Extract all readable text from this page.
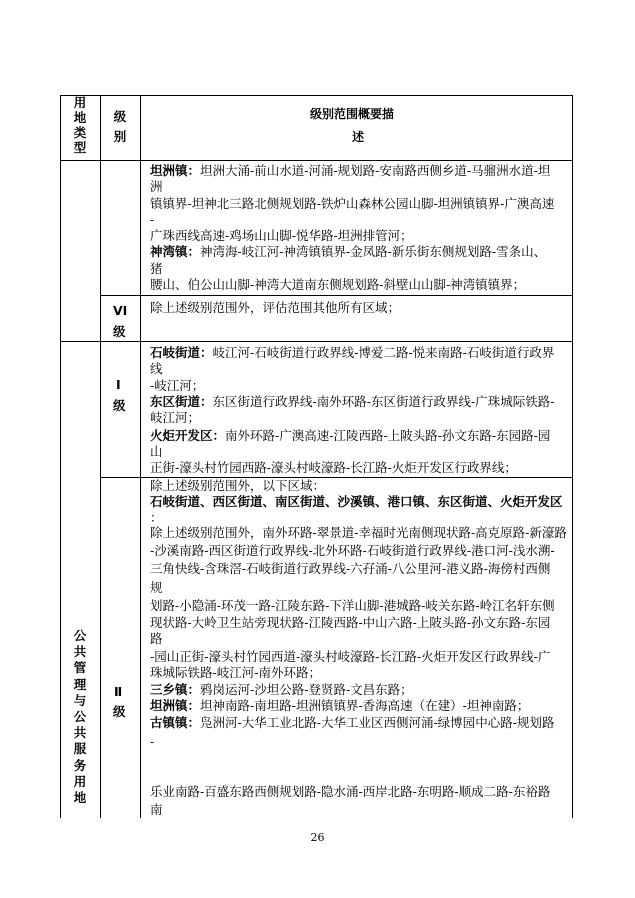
用
地
类
型
级
别
级别范围概要描
述
坦洲镇：坦洲大涌-前山水道-河涌-规划路-安南路西侧乡道-马骝洲水道-坦
洲
镇镇界-坦神北三路北侧规划路-铁炉山森林公园山脚-坦洲镇镇界-广澳高速
-
广珠西线高速-鸡场山山脚-悦华路-坦洲排管河；
神湾镇：神湾海-岐江河-神湾镇镇界-金凤路-新乐街东侧规划路-雪条山、
猪
腰山、伯公山山脚-神湾大道南东侧规划路-斜壁山山脚-神湾镇镇界；
VI
级
除上述级别范围外，评估范围其他所有区域；
公
共
管
理
与
公
共
服
务
用
地
I
级
石岐街道：岐江河-石岐街道行政界线-博爱二路-悦来南路-石岐街道行政界
线
-岐江河；
东区街道：东区街道行政界线-南外环路-东区街道行政界线-广珠城际铁路-
岐江河；
火炬开发区：南外环路-广澳高速-江陵西路-上陂头路-孙文东路-东园路-园
山
正街-濠头村竹园西路-濠头村岐濠路-长江路-火炬开发区行政界线；
Ⅱ
级
除上述级别范围外，以下区域：
石岐街道、西区街道、南区街道、沙溪镇、港口镇、东区街道、火炬开发区
：
除上述级别范围外，南外环路-翠景道-幸福时光南侧现状路-高克原路-新濠路
-沙溪南路-西区街道行政界线-北外环路-石岐街道行政界线-港口河-浅水溯-
三角快线-含珠滘-石岐街道行政界线-六孖涌-八公里河-港义路-海傍村西侧
规
划路-小隐涌-环茂一路-江陵东路-下洋山脚-港城路-岐关东路-岭江名轩东侧
现状路-大岭卫生站旁现状路-江陵西路-中山六路-上陂头路-孙文东路-东园
路
-园山正街-濠头村竹园西道-濠头村岐濠路-长江路-火炬开发区行政界线-广
珠城际铁路-岐江河-南外环路；
三乡镇：鸦岗运河-沙坦公路-登贤路-文昌东路；
坦洲镇：坦神南路-南坦路-坦洲镇镇界-香海高速（在建）-坦神南路；
古镇镇：凫洲河-大华工业北路-大华工业区西侧河涌-绿博园中心路-规划路
-
乐业南路-百盛东路西侧规划路-隐水涌-西岸北路-东明路-顺成二路-东裕路
南
26
